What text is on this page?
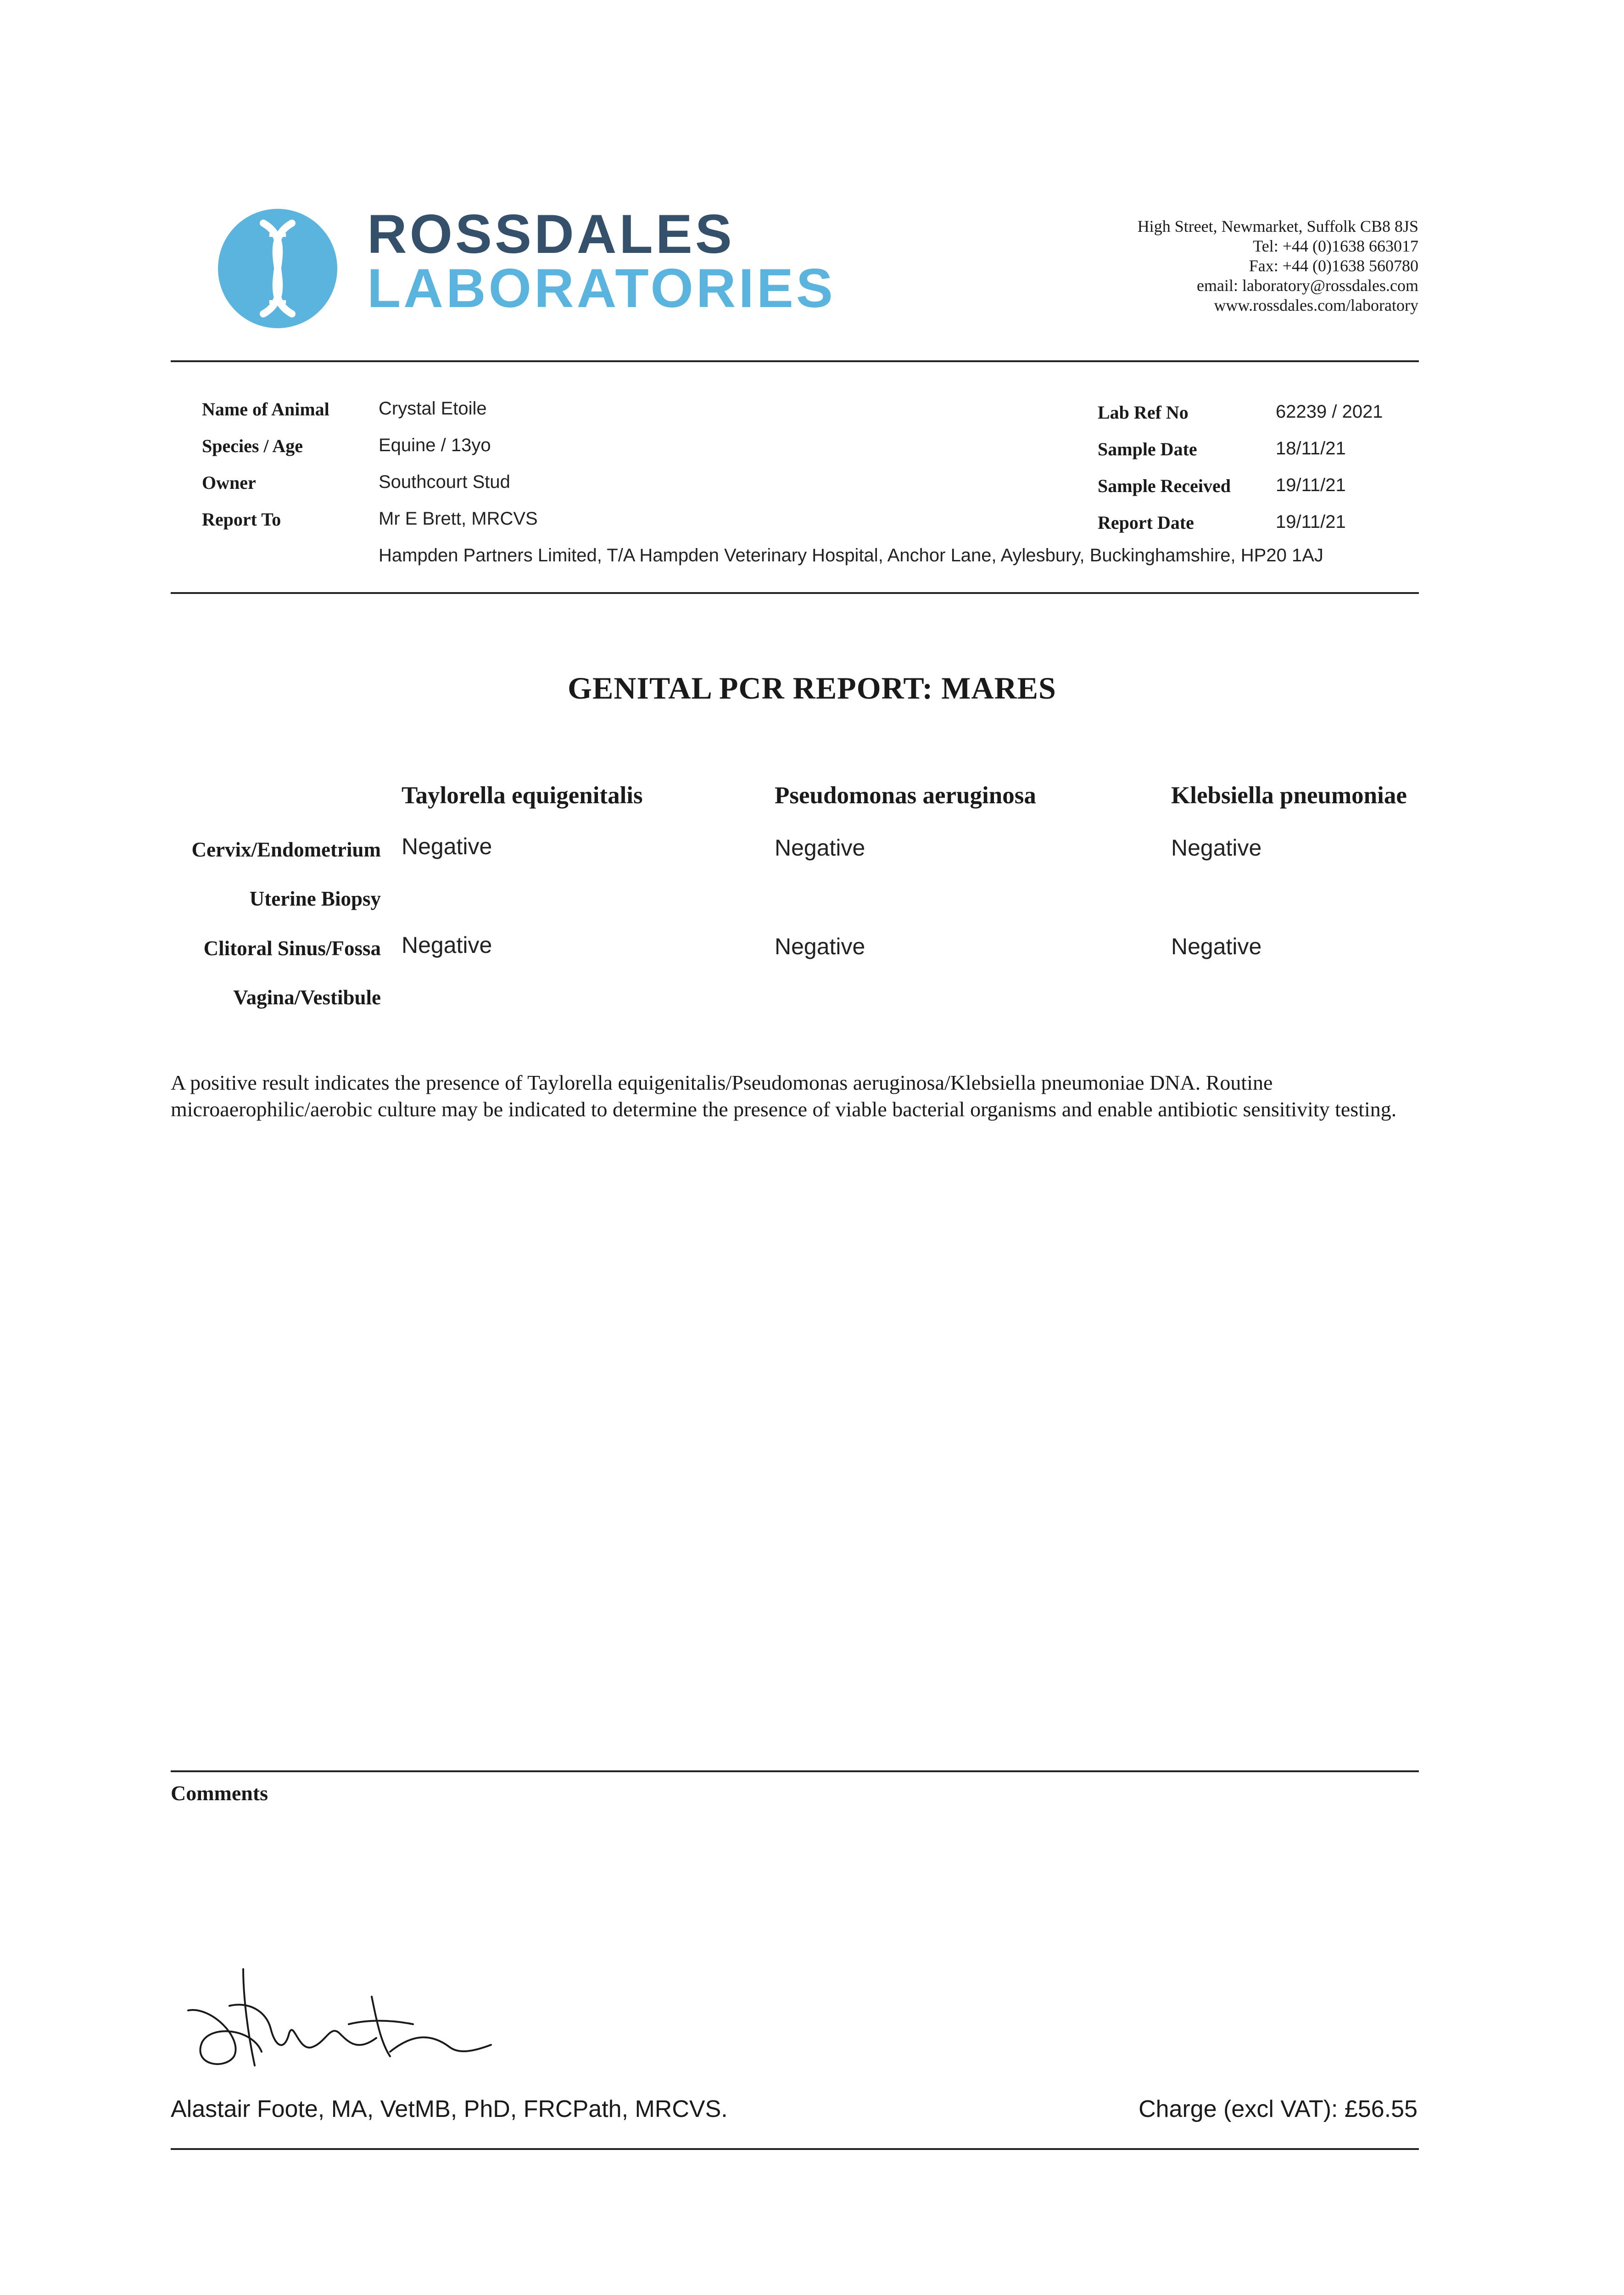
ROSSDALES
LABORATORIES
High Street, Newmarket, Suffolk CB8 8JS
Tel: +44 (0)1638 663017
Fax: +44 (0)1638 560780
email: laboratory@rossdales.com
www.rossdales.com/laboratory
Name of Animal	Crystal Etoile
Species / Age	Equine / 13yo
Owner	Southcourt Stud
Report To	Mr E Brett, MRCVS
Hampden Partners Limited, T/A Hampden Veterinary Hospital, Anchor Lane, Aylesbury, Buckinghamshire, HP20 1AJ
Lab Ref No	62239 / 2021
Sample Date	18/11/21
Sample Received 19/11/21
Report Date	19/11/21
GENITAL PCR REPORT: MARES
Taylorella equigenitalis	Pseudomonas aeruginosa	Klebsiella pneumoniae
Cervix/Endometrium Negative	Negative	Negative
Uterine Biopsy
Clitoral Sinus/Fossa Negative	Negative	Negative
Vagina/Vestibule
A positive result indicates the presence of Taylorella equigenitalis/Pseudomonas aeruginosa/Klebsiella pneumoniae DNA. Routine microaerophilic/aerobic culture may be indicated to determine the presence of viable bacterial organisms and enable antibiotic sensitivity testing.
Comments
Alastair Foote, MA, VetMB, PhD, FRCPath, MRCVS.	Charge (excl VAT): £56.55
